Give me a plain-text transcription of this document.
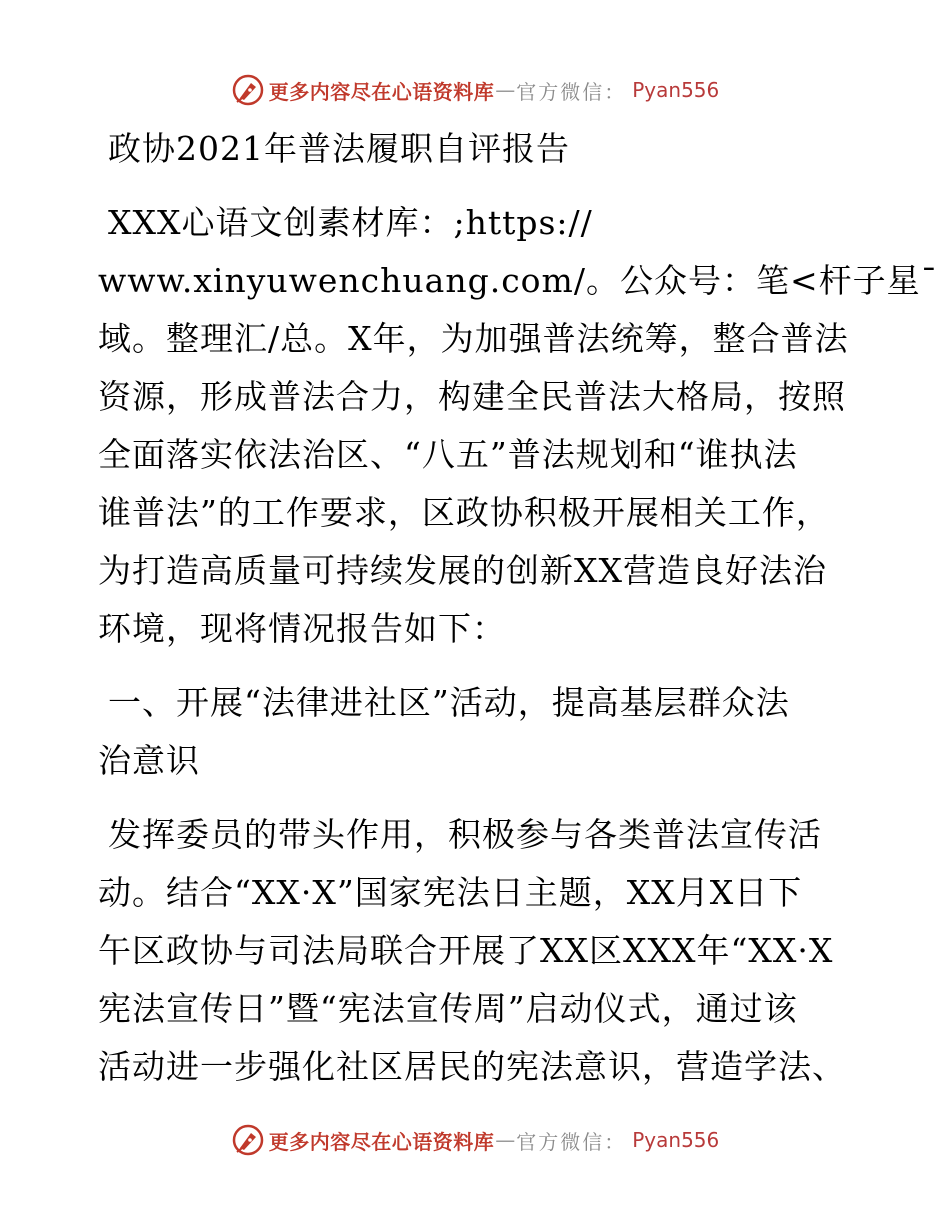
更多内容尽在心语资料库 — 官方微信： Pyan556
政协2021年普法履职自评报告
XXX心语文创素材库：;https://
www.xinyuwenchuang.com/。公众号：笔<杆子星¯
域。整理汇/总。X年，为加强普法统筹，整合普法
资源，形成普法合力，构建全民普法大格局，按照
全面落实依法治区、“八五”普法规划和“谁执法
谁普法”的工作要求，区政协积极开展相关工作，
为打造高质量可持续发展的创新XX营造良好法治
环境，现将情况报告如下：
一、开展“法律进社区”活动，提高基层群众法
治意识
发挥委员的带头作用，积极参与各类普法宣传活
动。结合“XX·X”国家宪法日主题，XX月X日下
午区政协与司法局联合开展了XX区XXX年“XX·X
宪法宣传日”暨“宪法宣传周”启动仪式，通过该
活动进一步强化社区居民的宪法意识，营造学法、
更多内容尽在心语资料库 — 官方微信： Pyan556
